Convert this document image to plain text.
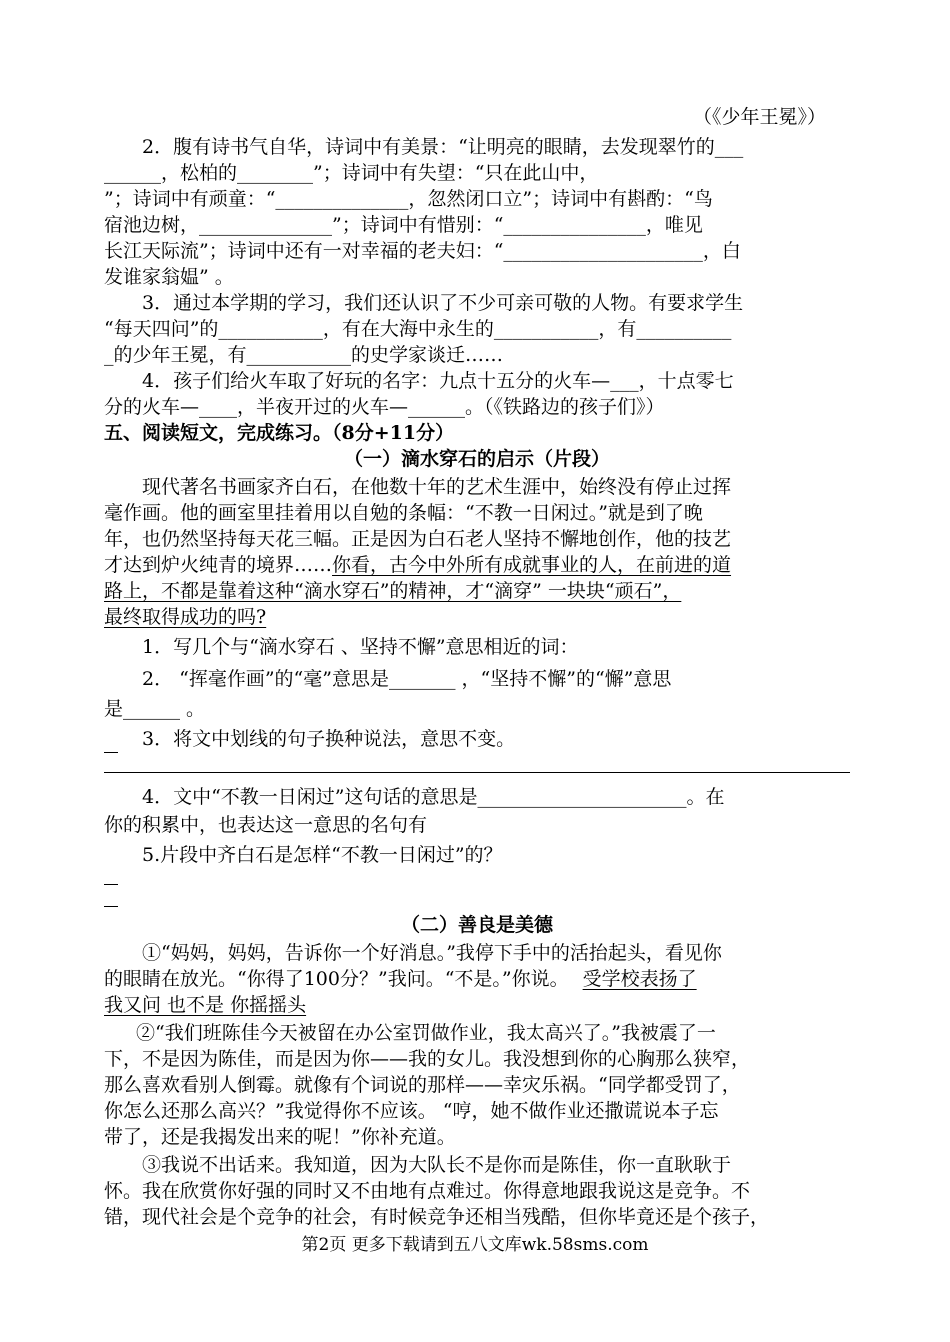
（《少年王冕》）
2．腹有诗书气自华，诗词中有美景：“让明亮的眼睛，去发现翠竹的___
______，松柏的________”；诗词中有失望：“只在此山中，
”；诗词中有顽童：“______________，忽然闭口立”；诗词中有斟酌：“鸟
宿池边树，______________”；诗词中有惜别：“_______________，唯见
长江天际流”；诗词中还有一对幸福的老夫妇：“_____________________，白
发谁家翁媪” 。
3．通过本学期的学习，我们还认识了不少可亲可敬的人物。有要求学生
“每天四问”的___________，有在大海中永生的___________，有__________
_的少年王冕，有___________的史学家谈迁……
4．孩子们给火车取了好玩的名字：九点十五分的火车—___，十点零七
分的火车—____，半夜开过的火车—______。（《铁路边的孩子们》）
五、阅读短文，完成练习。（8分+11分）
（一）滴水穿石的启示（片段）
现代著名书画家齐白石，在他数十年的艺术生涯中，始终没有停止过挥
毫作画。他的画室里挂着用以自勉的条幅：“不教一日闲过。”就是到了晚
年，也仍然坚持每天花三幅。正是因为白石老人坚持不懈地创作，他的技艺
才达到炉火纯青的境界……你看，古今中外所有成就事业的人，在前进的道
路上，不都是靠着这种“滴水穿石”的精神，才“滴穿” 一块块“顽石”，
最终取得成功的吗?
1．写几个与“滴水穿石 、坚持不懈”意思相近的词：
2． “挥毫作画”的“毫”意思是_______ ，“坚持不懈”的“懈”意思
是______ 。
3．将文中划线的句子换种说法，意思不变。
4．文中“不教一日闲过”这句话的意思是______________________。在
你的积累中，也表达这一意思的名句有
5.片段中齐白石是怎样“不教一日闲过”的？
（二）善良是美德
①“妈妈，妈妈，告诉你一个好消息。”我停下手中的活抬起头，看见你
的眼睛在放光。“你得了100分？”我问。“不是。”你说。 受学校表扬了
我又问 也不是 你摇摇头
②“我们班陈佳今天被留在办公室罚做作业，我太高兴了。”我被震了一
下，不是因为陈佳，而是因为你——我的女儿。我没想到你的心胸那么狭窄，
那么喜欢看别人倒霉。就像有个词说的那样——幸灾乐祸。“同学都受罚了，
你怎么还那么高兴？”我觉得你不应该。 “哼，她不做作业还撒谎说本子忘
带了，还是我揭发出来的呢！”你补充道。
③我说不出话来。我知道，因为大队长不是你而是陈佳，你一直耿耿于
怀。我在欣赏你好强的同时又不由地有点难过。你得意地跟我说这是竞争。不
错，现代社会是个竞争的社会，有时候竞争还相当残酷，但你毕竟还是个孩子，
第2页 更多下载请到五八文库wk.58sms.com
